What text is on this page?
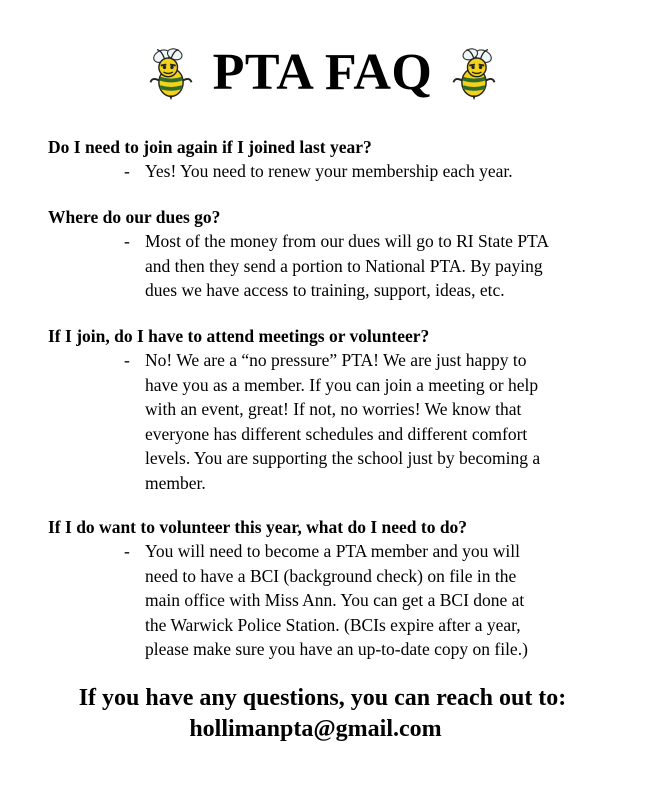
PTA FAQ
Do I need to join again if I joined last year?
- Yes! You need to renew your membership each year.
Where do our dues go?
- Most of the money from our dues will go to RI State PTA
and then they send a portion to National PTA. By paying
dues we have access to training, support, ideas, etc.
If I join, do I have to attend meetings or volunteer?
- No! We are a “no pressure” PTA! We are just happy to
have you as a member. If you can join a meeting or help
with an event, great! If not, no worries! We know that
everyone has different schedules and different comfort
levels. You are supporting the school just by becoming a
member.
If I do want to volunteer this year, what do I need to do?
- You will need to become a PTA member and you will
need to have a BCI (background check) on file in the
main office with Miss Ann. You can get a BCI done at
the Warwick Police Station. (BCIs expire after a year,
please make sure you have an up-to-date copy on file.)
If you have any questions, you can reach out to:
hollimanpta@gmail.com
